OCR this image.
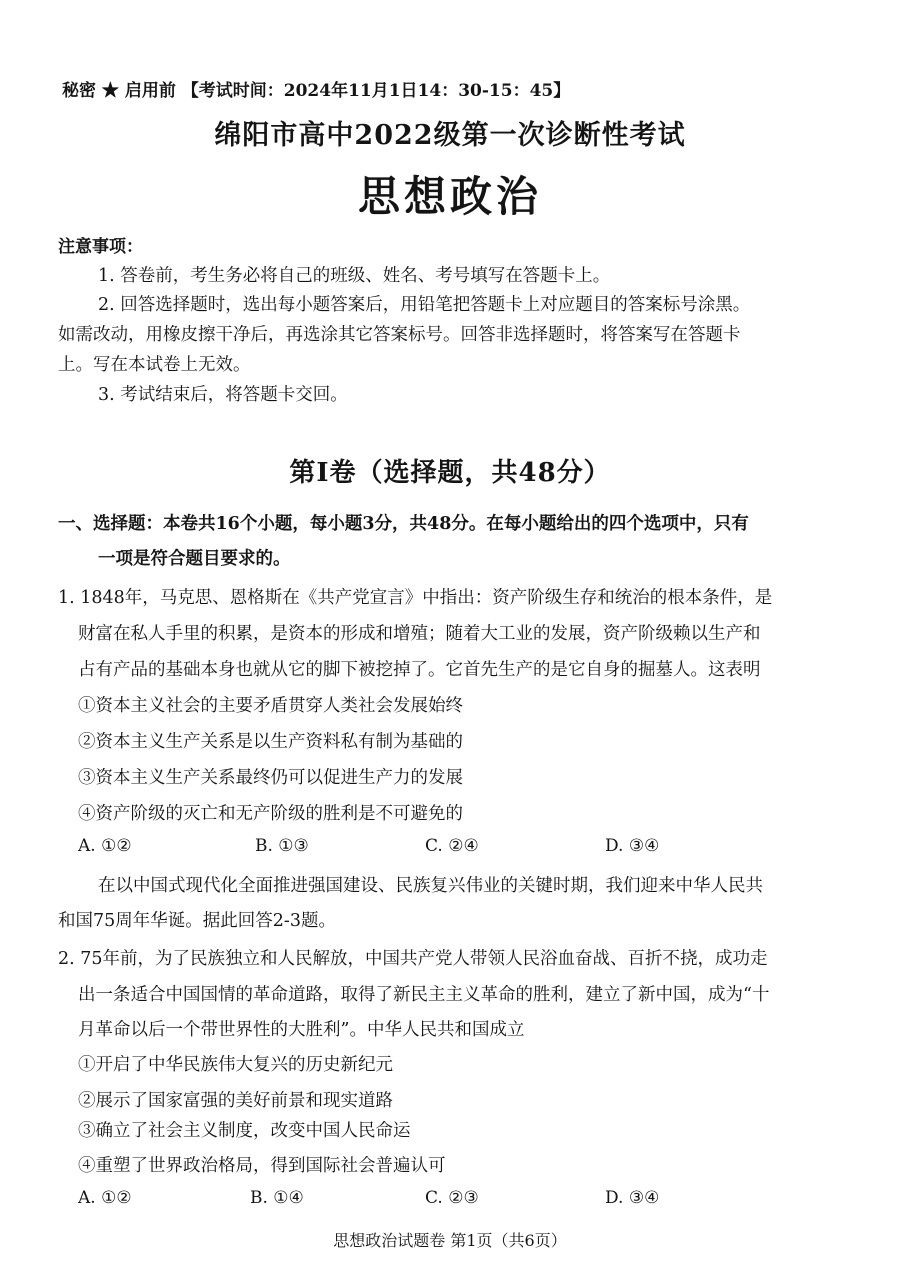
秘密 ★ 启用前 【考试时间：2024年11月1日14：30-15：45】
绵阳市高中2022级第一次诊断性考试
思想政治
注意事项：
1. 答卷前，考生务必将自己的班级、姓名、考号填写在答题卡上。
2. 回答选择题时，选出每小题答案后，用铅笔把答题卡上对应题目的答案标号涂黑。
如需改动，用橡皮擦干净后，再选涂其它答案标号。回答非选择题时，将答案写在答题卡
上。写在本试卷上无效。
3. 考试结束后，将答题卡交回。
第Ⅰ卷（选择题，共48分）
一、选择题：本卷共16个小题，每小题3分，共48分。在每小题给出的四个选项中，只有
一项是符合题目要求的。
1. 1848年，马克思、恩格斯在《共产党宣言》中指出：资产阶级生存和统治的根本条件，是
财富在私人手里的积累，是资本的形成和增殖；随着大工业的发展，资产阶级赖以生产和
占有产品的基础本身也就从它的脚下被挖掉了。它首先生产的是它自身的掘墓人。这表明
①资本主义社会的主要矛盾贯穿人类社会发展始终
②资本主义生产关系是以生产资料私有制为基础的
③资本主义生产关系最终仍可以促进生产力的发展
④资产阶级的灭亡和无产阶级的胜利是不可避免的
A. ①②	B. ①③	C. ②④	D. ③④
在以中国式现代化全面推进强国建设、民族复兴伟业的关键时期，我们迎来中华人民共
和国75周年华诞。据此回答2-3题。
2. 75年前，为了民族独立和人民解放，中国共产党人带领人民浴血奋战、百折不挠，成功走
出一条适合中国国情的革命道路，取得了新民主主义革命的胜利，建立了新中国，成为“十
月革命以后一个带世界性的大胜利”。中华人民共和国成立
①开启了中华民族伟大复兴的历史新纪元
②展示了国家富强的美好前景和现实道路
③确立了社会主义制度，改变中国人民命运
④重塑了世界政治格局，得到国际社会普遍认可
A. ①②	B. ①④	C. ②③	D. ③④
思想政治试题卷 第1页（共6页）
